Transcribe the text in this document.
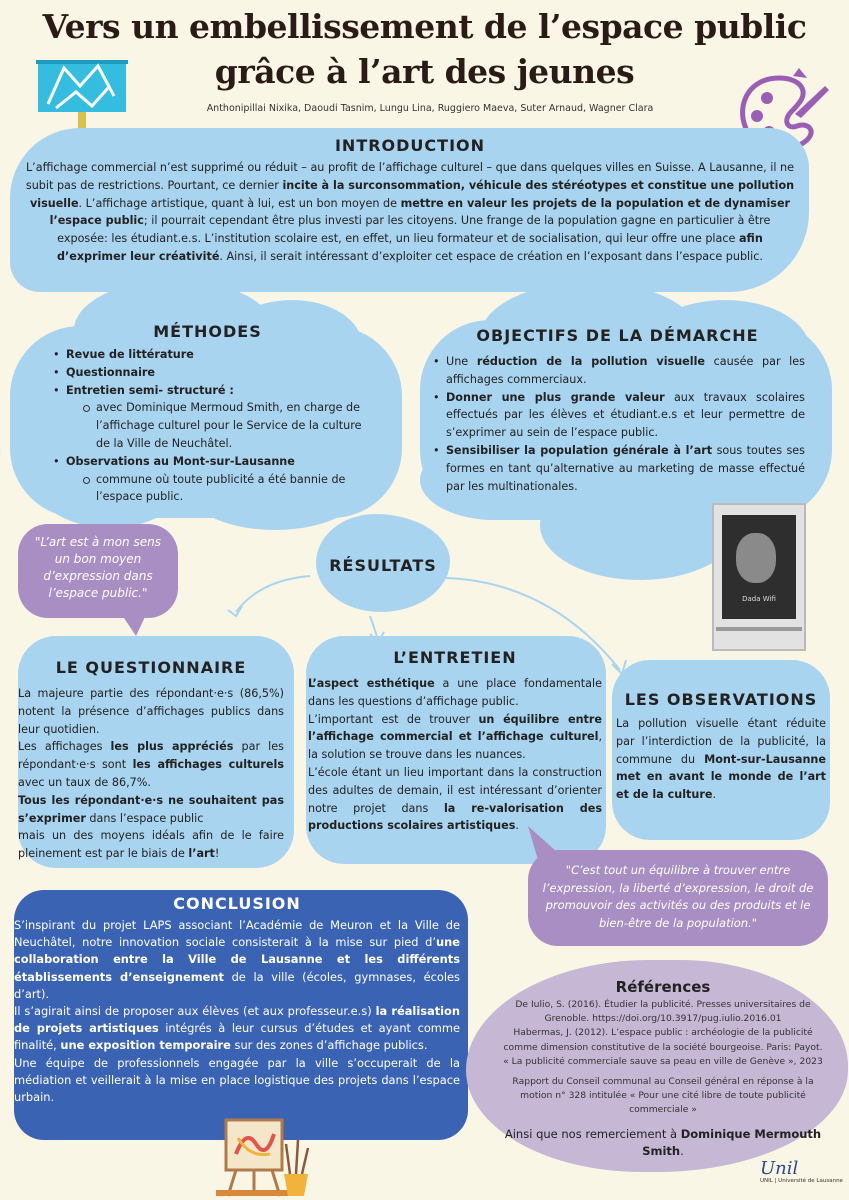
Vers un embellissement de l’espace public
grâce à l’art des jeunes
Anthonipillai Nixika, Daoudi Tasnim, Lungu Lina, Ruggiero Maeva, Suter Arnaud, Wagner Clara
INTRODUCTION

L’affichage commercial n’est supprimé ou réduit – au profit de l’affichage culturel – que dans quelques villes en Suisse. A Lausanne, il ne subit pas de restrictions. Pourtant, ce dernier incite à la surconsommation, véhicule des stéréotypes et constitue une pollution visuelle. L’affichage artistique, quant à lui, est un bon moyen de mettre en valeur les projets de la population et de dynamiser l’espace public; il pourrait cependant être plus investi par les citoyens. Une frange de la population gagne en particulier à être exposée: les étudiant.e.s. L’institution scolaire est, en effet, un lieu formateur et de socialisation, qui leur offre une place afin d’exprimer leur créativité. Ainsi, il serait intéressant d’exploiter cet espace de création en l’exposant dans l’espace public.

MÉTHODES
• Revue de littérature
• Questionnaire
• Entretien semi- structuré :
avec Dominique Mermoud Smith, en charge de l’affichage culturel pour le Service de la culture de la Ville de Neuchâtel.
• Observations au Mont-sur-Lausanne
commune où toute publicité a été bannie de l’espace public.
OBJECTIFS DE LA DÉMARCHE
• Une réduction de la pollution visuelle causée par les affichages commerciaux.
• Donner une plus grande valeur aux travaux scolaires effectués par les élèves et étudiant.e.s et leur permettre de s’exprimer au sein de l’espace public.
• Sensibiliser la population générale à l’art sous toutes ses formes en tant qu’alternative au marketing de masse effectué par les multinationales.
Dada Wifi
"L’art est à mon sens un bon moyen d’expression dans l’espace public."
RÉSULTATS
LE QUESTIONNAIRE

La majeure partie des répondant·e·s (86,5%) notent la présence d’affichages publics dans leur quotidien.

Les affichages les plus appréciés par les répondant·e·s sont les affichages culturels avec un taux de 86,7%.

Tous les répondant·e·s ne souhaitent pas s’exprimer dans l’espace public

mais un des moyens idéals afin de le faire pleinement est par le biais de l’art!

L’ENTRETIEN

L’aspect esthétique a une place fondamentale dans les questions d’affichage public.

L’important est de trouver un équilibre entre l’affichage commercial et l’affichage culturel, la solution se trouve dans les nuances.

L’école étant un lieu important dans la construction des adultes de demain, il est intéressant d’orienter notre projet dans la re-valorisation des productions scolaires artistiques.

LES OBSERVATIONS

La pollution visuelle étant réduite par l’interdiction de la publicité, la commune du Mont-sur-Lausanne met en avant le monde de l’art et de la culture.

"C’est tout un équilibre à trouver entre l’expression, la liberté d’expression, le droit de promouvoir des activités ou des produits et le bien-être de la population."
CONCLUSION

S’inspirant du projet LAPS associant l’Académie de Meuron et la Ville de Neuchâtel, notre innovation sociale consisterait à la mise sur pied d’une collaboration entre la Ville de Lausanne et les différents établissements d’enseignement de la ville (écoles, gymnases, écoles d’art).

Il s’agirait ainsi de proposer aux élèves (et aux professeur.e.s) la réalisation de projets artistiques intégrés à leur cursus d’études et ayant comme finalité, une exposition temporaire sur des zones d’affichage publics.

Une équipe de professionnels engagée par la ville s’occuperait de la médiation et veillerait à la mise en place logistique des projets dans l’espace urbain.

Références
De Iulio, S. (2016). Étudier la publicité. Presses universitaires de Grenoble. https://doi.org/10.3917/pug.iulio.2016.01
Habermas, J. (2012). L’espace public : archéologie de la publicité comme dimension constitutive de la société bourgeoise. Paris: Payot.
« La publicité commerciale sauve sa peau en ville de Genève », 2023
Rapport du Conseil communal au Conseil général en réponse à la motion n° 328 intitulée « Pour une cité libre de toute publicité commerciale »
Ainsi que nos remerciement à Dominique Mermouth Smith.
Unil
UNIL | Université de Lausanne
